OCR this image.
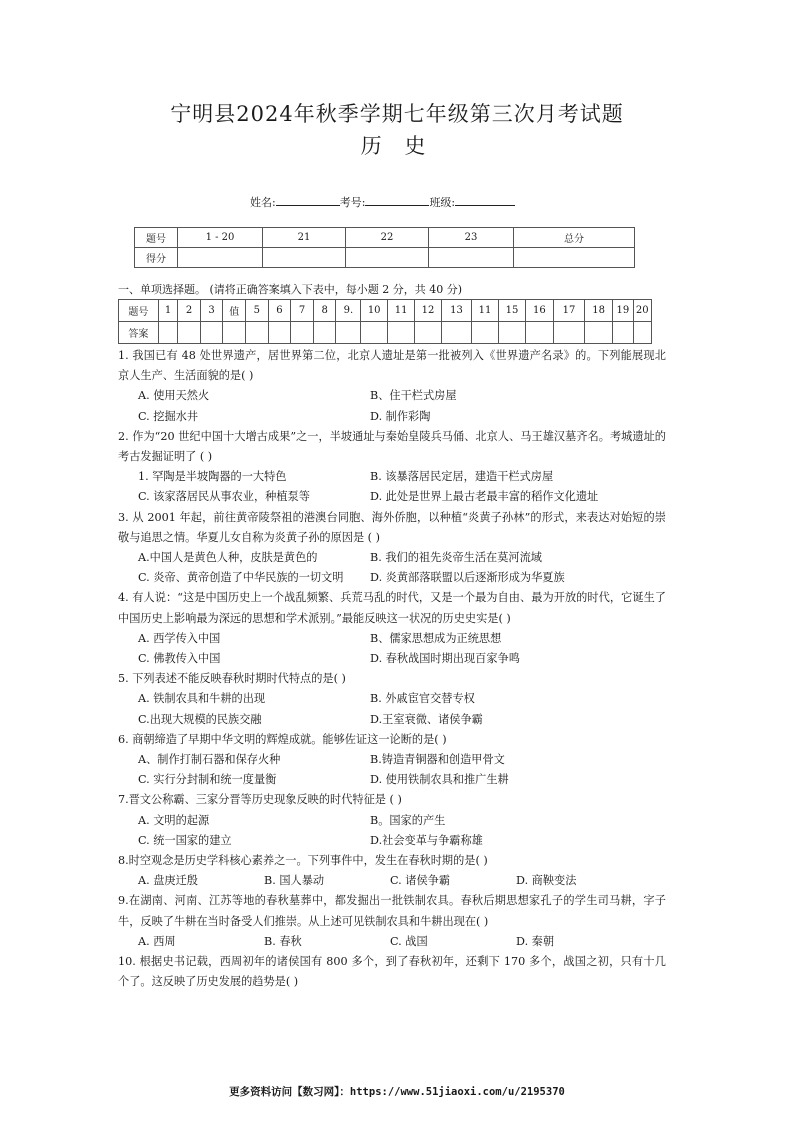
宁明县2024年秋季学期七年级第三次月考试题
历 史
姓名:	考号:	班级:
题号	1 - 20	21	22	23	总分
得分					
一、单项选择题。 (请将正确答案填入下表中，每小题 2 分，共 40 分)
题号	1	2	3	值	5	6	7	8	9.	10	11	12	13	11	15	16	17	18	19	20
答案																				

1. 我国已有 48 处世界遗产，居世界第二位，北京人遗址是第一批被列入《世界遗产名录》的。下列能展现北京人生产、生活面貌的是( )

A. 使用天然火	B、住干栏式房屋
C. 挖掘水井	D. 制作彩陶

2. 作为“20 世纪中国十大增古成果”之一，半坡通址与秦始皇陵兵马俑、北京人、马王雄汉墓齐名。考城遗址的考古发掘证明了 ( )

1. 罕陶是半坡陶器的一大特色	B. 该暴落居民定居，建造干栏式房屋
C. 该家落居民从事农业，种植泵等	D. 此处是世界上最古老最丰富的稻作文化遗址

3. 从 2001 年起，前往黄帝陵祭祖的港澳台同胞、海外侨胞，以种植“炎黄子孙林”的形式，来表达对始短的崇敬与追思之情。华夏儿女自称为炎黄子孙的原因是 ( )

A.中国人是黄色人种，皮肤是黄色的	B. 我们的祖先炎帝生活在莫河流域
C. 炎帝、黄帝创造了中华民族的一切文明	D. 炎黄部落联盟以后逐渐形成为华夏族

4. 有人说：“这是中国历史上一个战乱频繁、兵荒马乱的时代，又是一个最为自由、最为开放的时代，它诞生了中国历史上影响最为深远的思想和学术派别。”最能反映这一状况的历史史实是( )

A. 西学传入中国	B、儒家思想成为正统思想
C. 佛教传入中国	D. 春秋战国时期出现百家争鸣

5. 下列表述不能反映春秋时期时代特点的是( )

A. 铁制农具和牛耕的出现	B. 外戚宦官交替专权
C.出现大规模的民族交融	D.王室衰微、诸侯争霸

6. 商朝缔造了早期中华文明的辉煌成就。能够佐证这一论断的是( )

A、制作打制石器和保存火种	B.铸造青铜器和创造甲骨文
C. 实行分封制和统一度量衡	D. 使用铁制农具和推广生耕

7.晋文公称霸、三家分晋等历史现象反映的时代特征是 ( )

A. 文明的起源	B。国家的产生
C. 统一国家的建立	D.社会变革与争霸称雄

8.时空观念是历史学科核心素养之一。下列事件中，发生在春秋时期的是( )

A. 盘庚迁殷	B. 国人暴动	C. 诸侯争霸	D. 商鞅变法

9.在湖南、河南、江苏等地的春秋墓葬中，都发掘出一批铁制农具。春秋后期思想家孔子的学生司马耕，字子牛，反映了牛耕在当时备受人们推崇。从上述可见铁制农具和牛耕出现在( )

A. 西周	B. 春秋	C. 战国	D. 秦朝

10. 根据史书记载，西周初年的诸侯国有 800 多个，到了春秋初年，还剩下 170 多个，战国之初，只有十几个了。这反映了历史发展的趋势是( )

更多资料访问【数习网】：https://www.51jiaoxi.com/u/2195370
